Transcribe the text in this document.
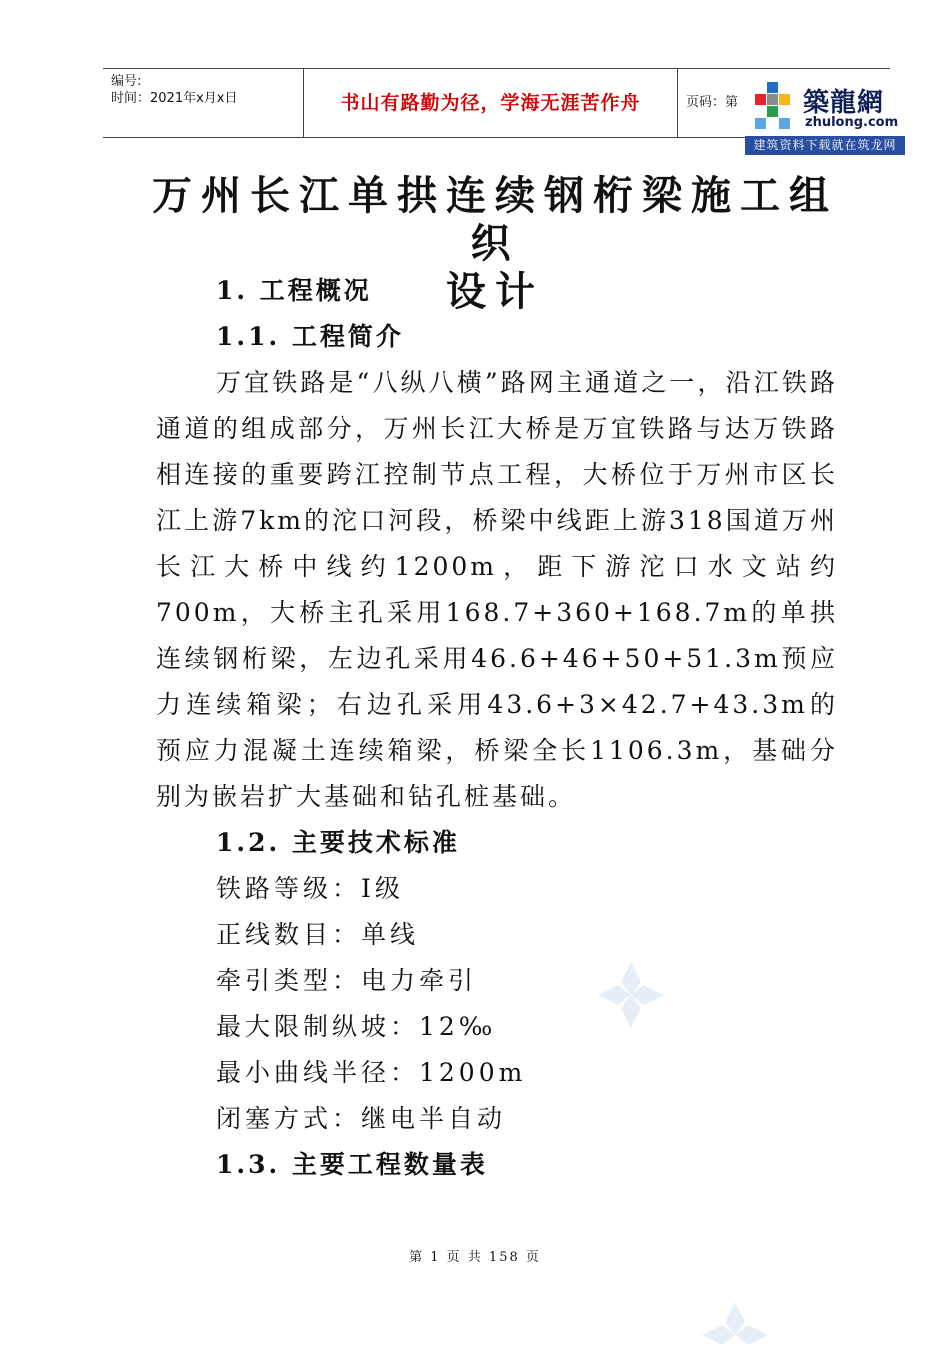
编号:
时间：2021年x月x日	书山有路勤为径，学海无涯苦作舟	页码：第	築龍網
zhulong.com
建筑资料下载就在筑龙网
万州长江单拱连续钢桁梁施工组织
设计
1. 工程概况
1.1. 工程简介
万宜铁路是“八纵八横”路网主通道之一，沿江铁路通道的组成部分，万州长江大桥是万宜铁路与达万铁路相连接的重要跨江控制节点工程，大桥位于万州市区长江上游7km的沱口河段，桥梁中线距上游318国道万州长江大桥中线约1200m，距下游沱口水文站约700m，大桥主孔采用168.7+360+168.7m的单拱连续钢桁梁，左边孔采用46.6+46+50+51.3m预应力连续箱梁；右边孔采用43.6+3×42.7+43.3m的预应力混凝土连续箱梁，桥梁全长1106.3m，基础分别为嵌岩扩大基础和钻孔桩基础。
1.2. 主要技术标准
铁路等级：Ⅰ级
正线数目：单线
牵引类型：电力牵引
最大限制纵坡：12‰
最小曲线半径：1200m
闭塞方式：继电半自动
1.3. 主要工程数量表
第 1 页 共 158 页
